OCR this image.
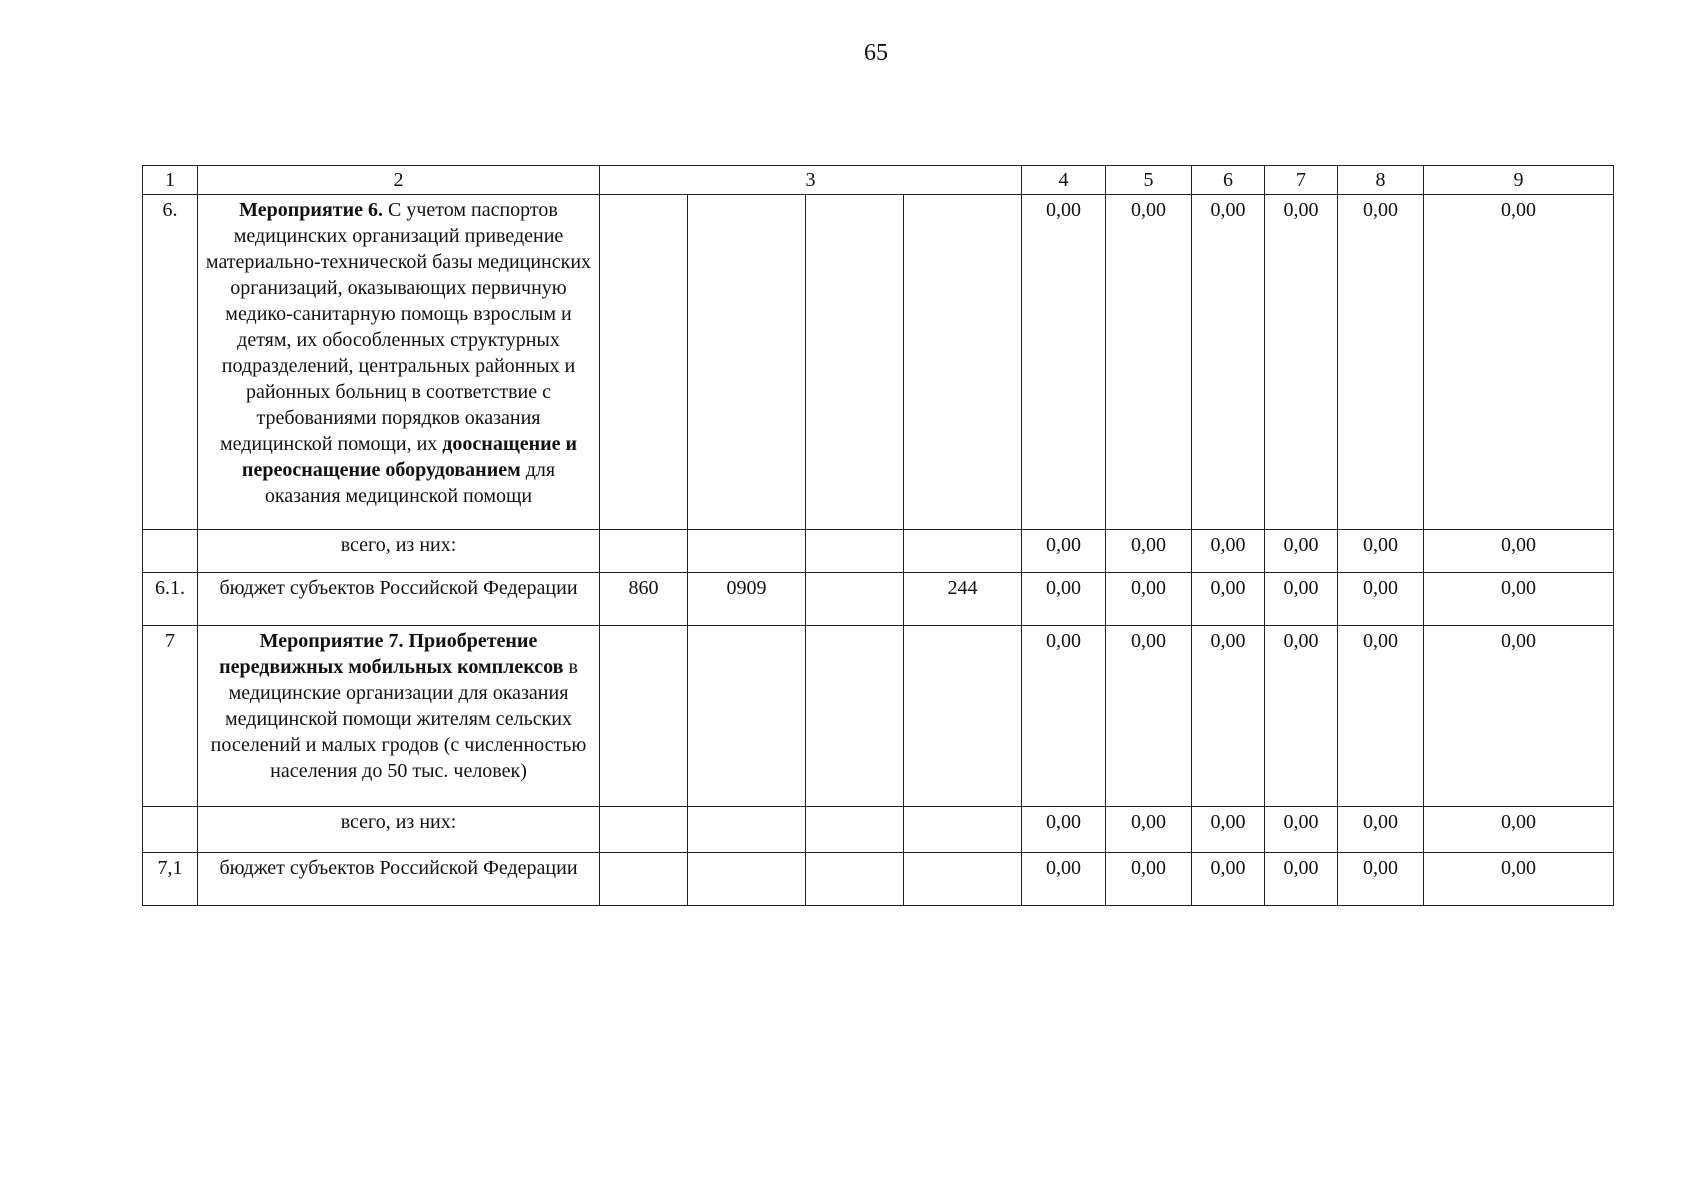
65
1	2	3				4	5	6	7	8	9
6.	Мероприятие 6. С учетом паспортов медицинских организаций приведение материально-технической базы медицинских организаций, оказывающих первичную медико-санитарную помощь взрослым и детям, их обособленных структурных подразделений, центральных районных и районных больниц в соответствие с требованиями порядков оказания медицинской помощи, их дооснащение и переоснащение оборудованием для оказания медицинской помощи					0,00	0,00	0,00	0,00	0,00	0,00
	всего, из них:					0,00	0,00	0,00	0,00	0,00	0,00
6.1.	бюджет субъектов Российской Федерации	860	0909		244	0,00	0,00	0,00	0,00	0,00	0,00
7	Мероприятие 7. Приобретение передвижных мобильных комплексов в медицинские организации для оказания медицинской помощи жителям сельских поселений и малых гродов (с численностью населения до 50 тыс. человек)					0,00	0,00	0,00	0,00	0,00	0,00
	всего, из них:					0,00	0,00	0,00	0,00	0,00	0,00
7,1	бюджет субъектов Российской Федерации					0,00	0,00	0,00	0,00	0,00	0,00
